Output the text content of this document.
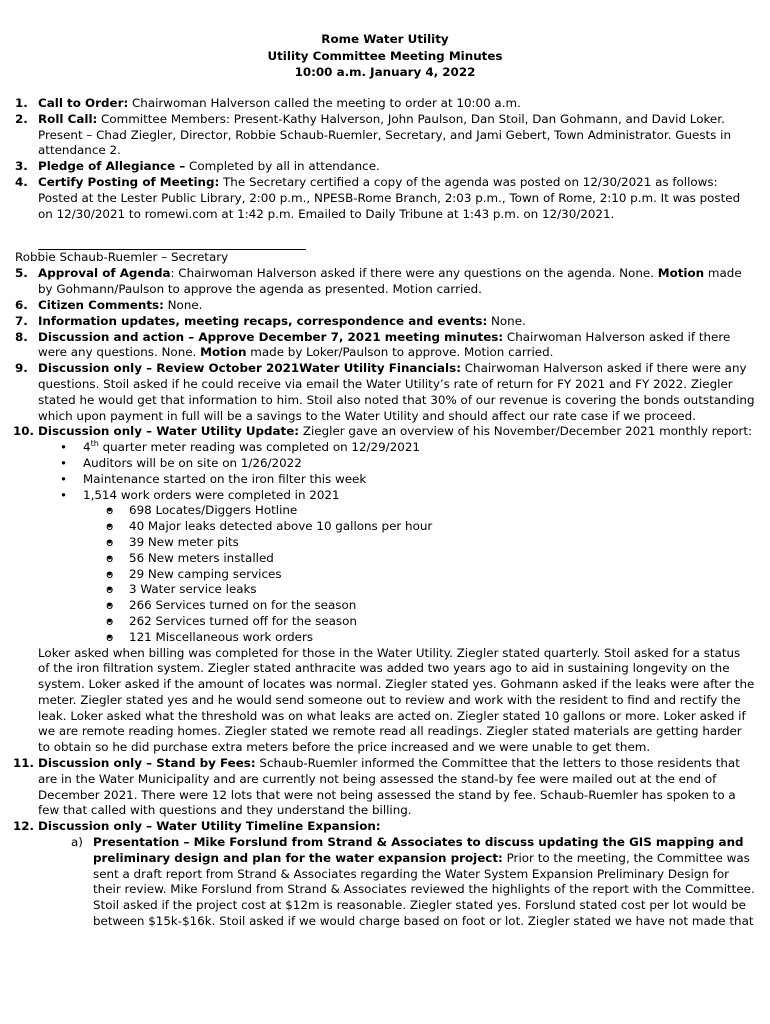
Rome Water Utility
Utility Committee Meeting Minutes
10:00 a.m. January 4, 2022
1. Call to Order: Chairwoman Halverson called the meeting to order at 10:00 a.m.
2. Roll Call: Committee Members: Present-Kathy Halverson, John Paulson, Dan Stoil, Dan Gohmann, and David Loker. Present – Chad Ziegler, Director, Robbie Schaub-Ruemler, Secretary, and Jami Gebert, Town Administrator. Guests in attendance 2.
3. Pledge of Allegiance – Completed by all in attendance.
4. Certify Posting of Meeting: The Secretary certified a copy of the agenda was posted on 12/30/2021 as follows: Posted at the Lester Public Library, 2:00 p.m., NPESB-Rome Branch, 2:03 p.m., Town of Rome, 2:10 p.m. It was posted on 12/30/2021 to romewi.com at 1:42 p.m. Emailed to Daily Tribune at 1:43 p.m. on 12/30/2021.
Robbie Schaub-Ruemler – Secretary
5. Approval of Agenda: Chairwoman Halverson asked if there were any questions on the agenda. None. Motion made by Gohmann/Paulson to approve the agenda as presented. Motion carried.
6. Citizen Comments: None.
7. Information updates, meeting recaps, correspondence and events: None.
8. Discussion and action – Approve December 7, 2021 meeting minutes: Chairwoman Halverson asked if there were any questions. None. Motion made by Loker/Paulson to approve. Motion carried.
9. Discussion only – Review October 2021Water Utility Financials: Chairwoman Halverson asked if there were any questions. Stoil asked if he could receive via email the Water Utility’s rate of return for FY 2021 and FY 2022. Ziegler stated he would get that information to him. Stoil also noted that 30% of our revenue is covering the bonds outstanding which upon payment in full will be a savings to the Water Utility and should affect our rate case if we proceed.
10. Discussion only – Water Utility Update: Ziegler gave an overview of his November/December 2021 monthly report:
• 4th quarter meter reading was completed on 12/29/2021
• Auditors will be on site on 1/26/2022
• Maintenance started on the iron filter this week
• 1,514 work orders were completed in 2021
• o 698 Locates/Diggers Hotline
• o 40 Major leaks detected above 10 gallons per hour
• o 39 New meter pits
• o 56 New meters installed
• o 29 New camping services
• o 3 Water service leaks
• o 266 Services turned on for the season
• o 262 Services turned off for the season
• o 121 Miscellaneous work orders
Loker asked when billing was completed for those in the Water Utility. Ziegler stated quarterly. Stoil asked for a status of the iron filtration system. Ziegler stated anthracite was added two years ago to aid in sustaining longevity on the system. Loker asked if the amount of locates was normal. Ziegler stated yes. Gohmann asked if the leaks were after the meter. Ziegler stated yes and he would send someone out to review and work with the resident to find and rectify the leak. Loker asked what the threshold was on what leaks are acted on. Ziegler stated 10 gallons or more. Loker asked if we are remote reading homes. Ziegler stated we remote read all readings. Ziegler stated materials are getting harder to obtain so he did purchase extra meters before the price increased and we were unable to get them.
11. Discussion only – Stand by Fees: Schaub-Ruemler informed the Committee that the letters to those residents that are in the Water Municipality and are currently not being assessed the stand-by fee were mailed out at the end of December 2021. There were 12 lots that were not being assessed the stand by fee. Schaub-Ruemler has spoken to a few that called with questions and they understand the billing.
12. Discussion only – Water Utility Timeline Expansion:
a) Presentation – Mike Forslund from Strand & Associates to discuss updating the GIS mapping and preliminary design and plan for the water expansion project: Prior to the meeting, the Committee was sent a draft report from Strand & Associates regarding the Water System Expansion Preliminary Design for their review. Mike Forslund from Strand & Associates reviewed the highlights of the report with the Committee. Stoil asked if the project cost at $12m is reasonable. Ziegler stated yes. Forslund stated cost per lot would be between $15k-$16k. Stoil asked if we would charge based on foot or lot. Ziegler stated we have not made that
